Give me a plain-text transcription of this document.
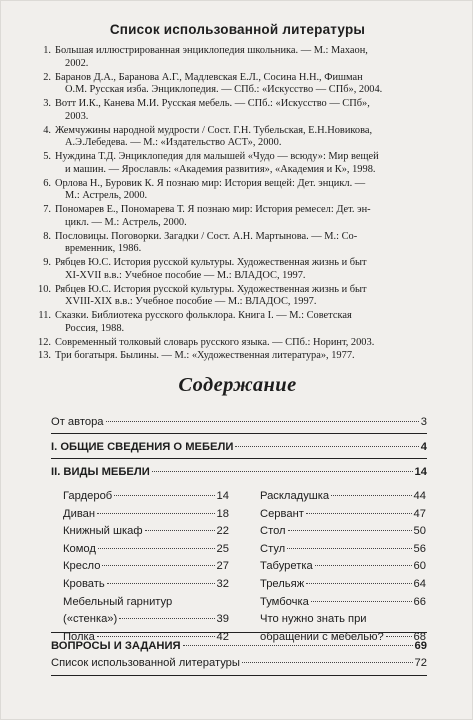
Список использованной литературы
1. Большая иллюстрированная энциклопедия школьника. — М.: Махаон,
2002.
2. Баранов Д.А., Баранова А.Г., Мадлевская Е.Л., Сосина Н.Н., Фишман
О.М. Русская изба. Энциклопедия. — СПб.: «Искусство — СПб», 2004.
3. Вотт И.К., Канева М.И. Русская мебель. — СПб.: «Искусство — СПб»,
2003.
4. Жемчужины народной мудрости / Сост. Г.Н. Тубельская, Е.Н.Новикова,
А.Э.Лебедева. — М.: «Издательство АСТ», 2000.
5. Нуждина Т.Д. Энциклопедия для малышей «Чудо — всюду»: Мир вещей
и машин. — Ярославль: «Академия развития», «Академия и К», 1998.
6. Орлова Н., Буровик К. Я познаю мир: История вещей: Дет. энцикл. —
М.: Астрель, 2000.
7. Пономарев Е., Пономарева Т. Я познаю мир: История ремесел: Дет. эн-
цикл. — М.: Астрель, 2000.
8. Пословицы. Поговорки. Загадки / Сост. А.Н. Мартынова. — М.: Со-
временник, 1986.
9. Рябцев Ю.С. История русской культуры. Художественная жизнь и быт
XI-XVII в.в.: Учебное пособие — М.: ВЛАДОС, 1997.
10. Рябцев Ю.С. История русской культуры. Художественная жизнь и быт
XVIII-XIX в.в.: Учебное пособие — М.: ВЛАДОС, 1997.
11. Сказки. Библиотека русского фольклора. Книга I. — М.: Советская
Россия, 1988.
12. Современный толковый словарь русского языка. — СПб.: Норинт, 2003.
13. Три богатыря. Былины. — М.: «Художественная литература», 1977.
Содержание
От автора	3
I. ОБЩИЕ СВЕДЕНИЯ О МЕБЕЛИ	4
II. ВИДЫ МЕБЕЛИ	14
Гардероб	14
Диван	18
Книжный шкаф	22
Комод	25
Кресло	27
Кровать	32
Мебельный гарнитур
(«стенка»)	39
Полка	42
Раскладушка	44
Сервант	47
Стол	50
Стул	56
Табуретка	60
Трельяж	64
Тумбочка	66
Что нужно знать при
обращении с мебелью?	68
ВОПРОСЫ И ЗАДАНИЯ	69
Список использованной литературы	72
